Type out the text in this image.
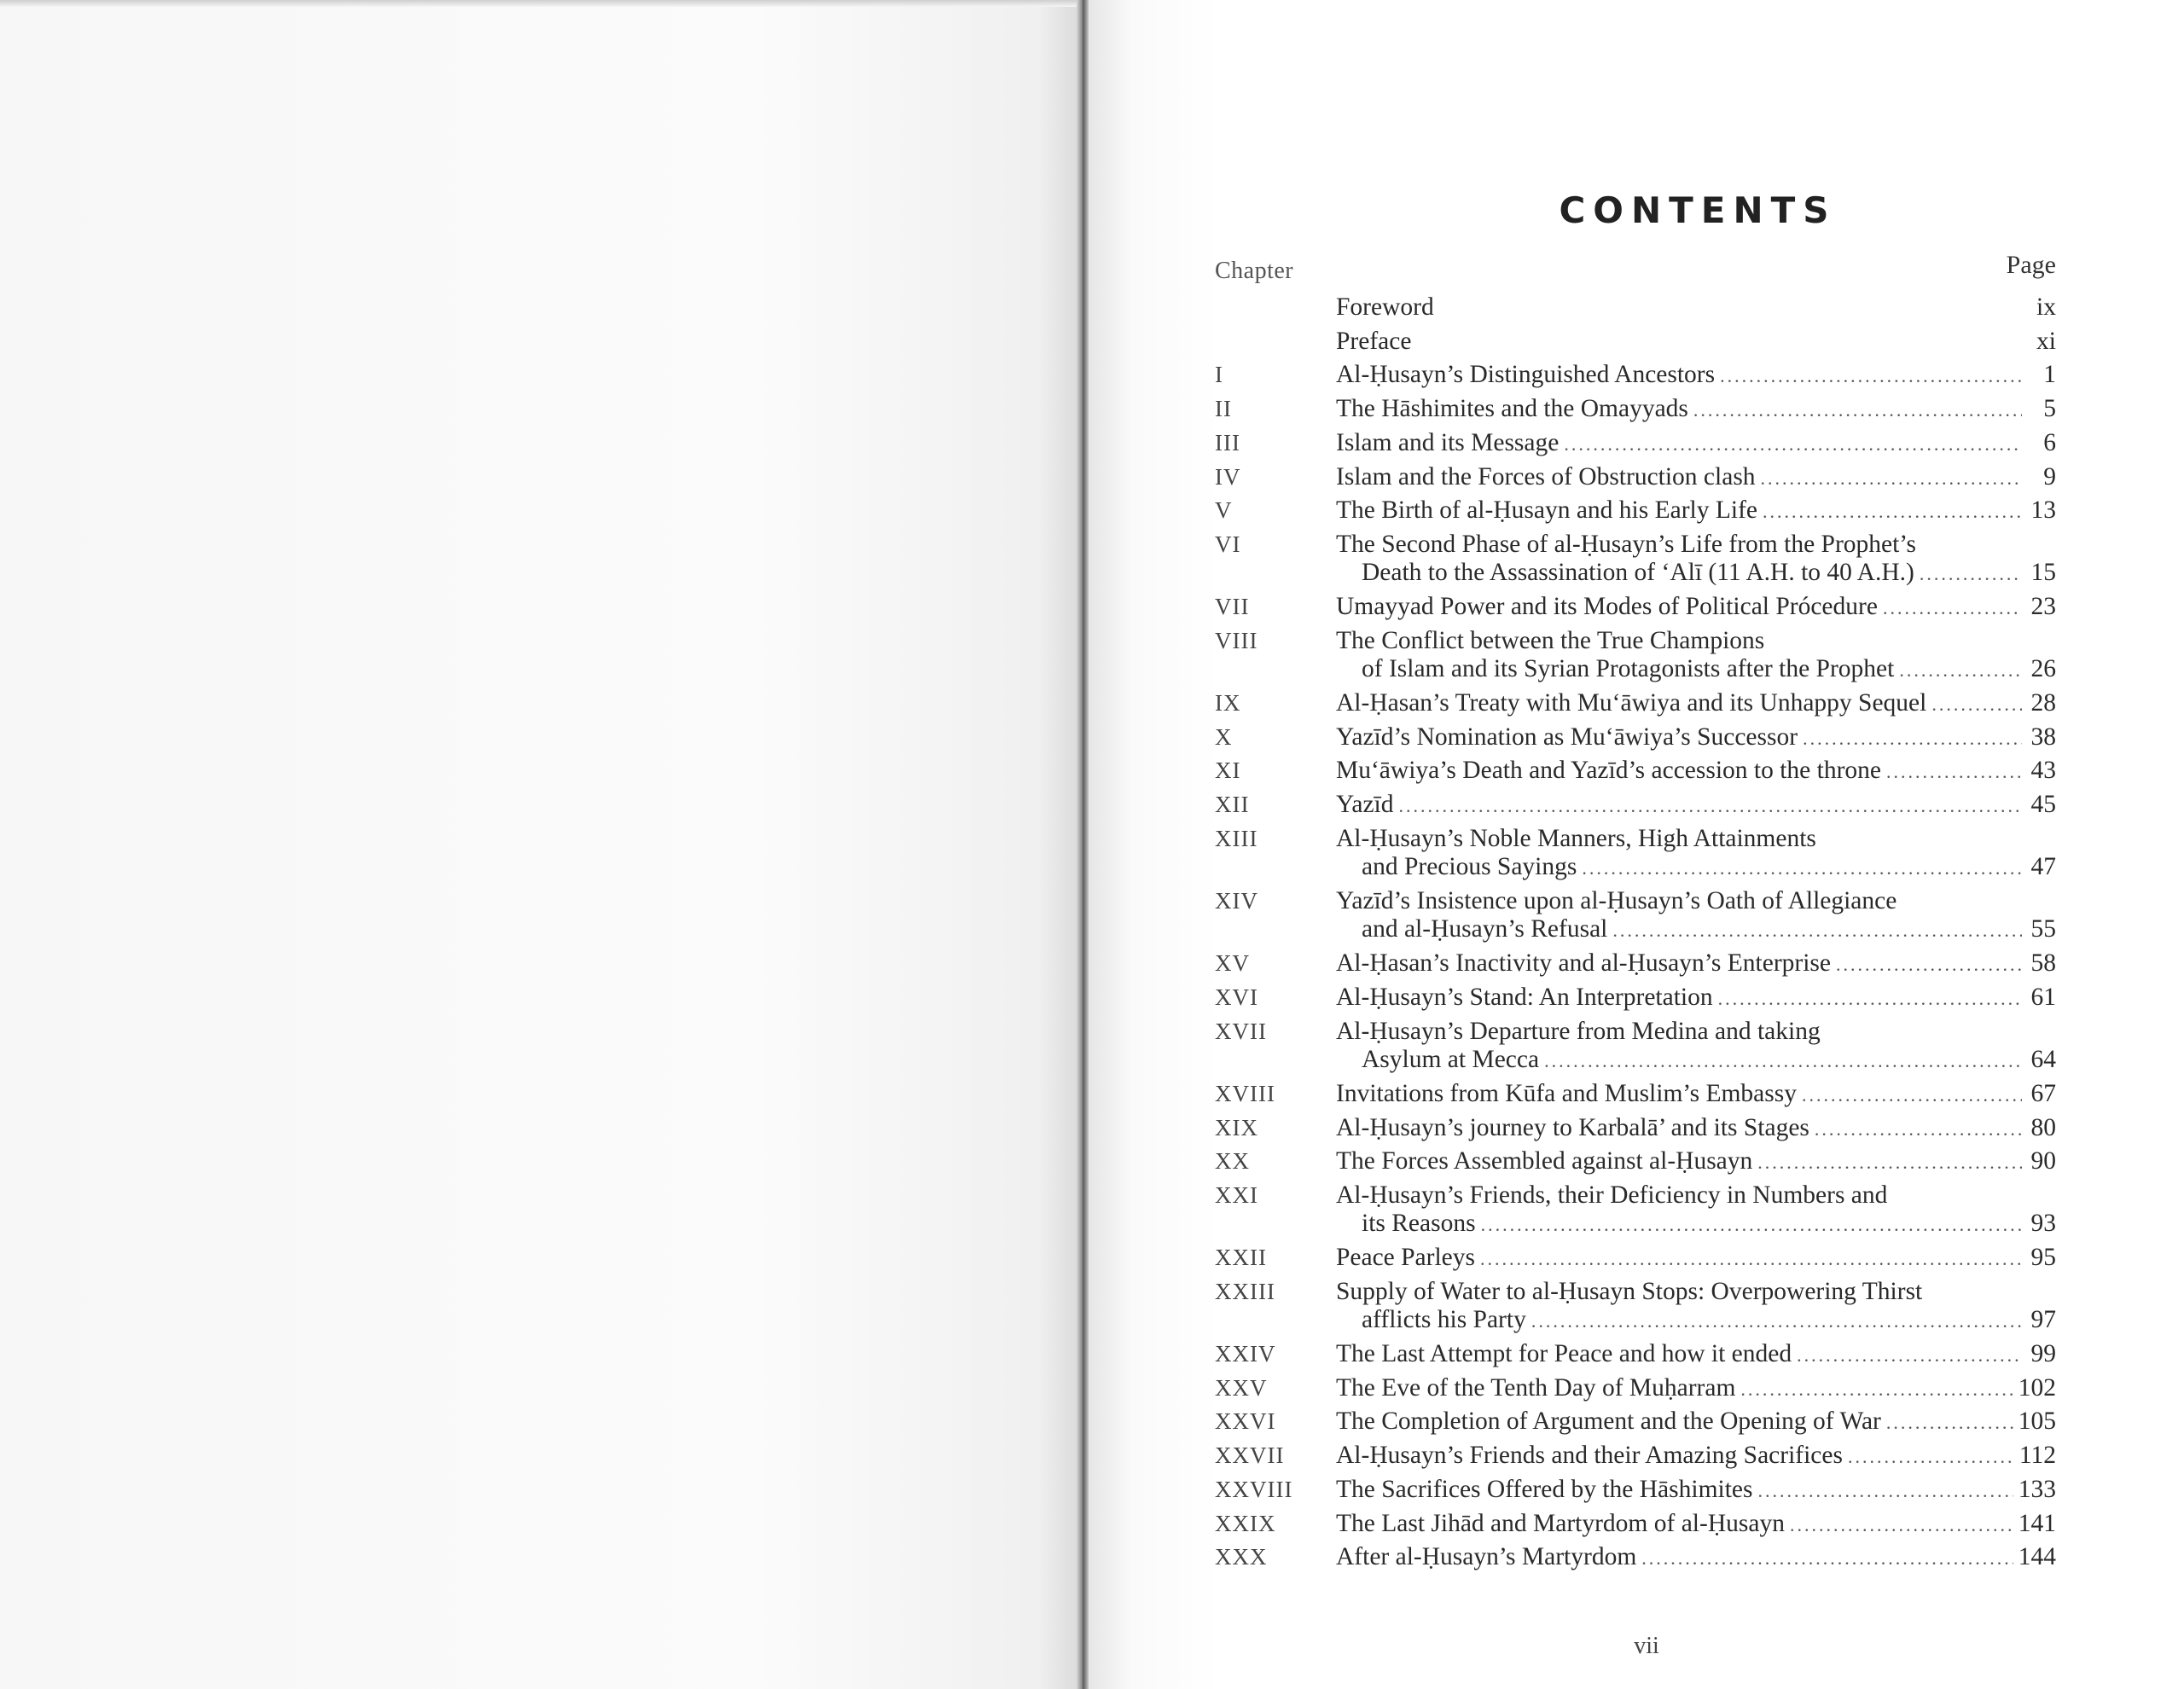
CONTENTS
Chapter	Page
Foreword	ix
Preface	xi
I	Al-Ḥusayn’s Distinguished Ancestors .....	1
II	The Hāshimites and the Omayyads .....	5
III	Islam and its Message .....	6
IV	Islam and the Forces of Obstruction clash .....	9
V	The Birth of al-Ḥusayn and his Early Life .....	13
VI	The Second Phase of al-Ḥusayn’s Life from the Prophet’s
Death to the Assassination of ‘Alī (11 A.H. to 40 A.H.) .....	15
VII	Umayyad Power and its Modes of Political Prócedure .....	23
VIII	The Conflict between the True Champions
of Islam and its Syrian Protagonists after the Prophet .....	26
IX	Al-Ḥasan’s Treaty with Mu‘āwiya and its Unhappy Sequel .....	28
X	Yazīd’s Nomination as Mu‘āwiya’s Successor .....	38
XI	Mu‘āwiya’s Death and Yazīd’s accession to the throne .....	43
XII	Yazīd .....	45
XIII	Al-Ḥusayn’s Noble Manners, High Attainments
and Precious Sayings .....	47
XIV	Yazīd’s Insistence upon al-Ḥusayn’s Oath of Allegiance
and al-Ḥusayn’s Refusal .....	55
XV	Al-Ḥasan’s Inactivity and al-Ḥusayn’s Enterprise .....	58
XVI	Al-Ḥusayn’s Stand: An Interpretation .....	61
XVII	Al-Ḥusayn’s Departure from Medina and taking
Asylum at Mecca .....	64
XVIII	Invitations from Kūfa and Muslim’s Embassy .....	67
XIX	Al-Ḥusayn’s journey to Karbalā’ and its Stages .....	80
XX	The Forces Assembled against al-Ḥusayn .....	90
XXI	Al-Ḥusayn’s Friends, their Deficiency in Numbers and
its Reasons .....	93
XXII	Peace Parleys .....	95
XXIII	Supply of Water to al-Ḥusayn Stops: Overpowering Thirst
afflicts his Party .....	97
XXIV	The Last Attempt for Peace and how it ended .....	99
XXV	The Eve of the Tenth Day of Muḥarram .....	102
XXVI	The Completion of Argument and the Opening of War .....	105
XXVII	Al-Ḥusayn’s Friends and their Amazing Sacrifices .....	112
XXVIII	The Sacrifices Offered by the Hāshimites .....	133
XXIX	The Last Jihād and Martyrdom of al-Ḥusayn .....	141
XXX	After al-Ḥusayn’s Martyrdom .....	144
vii
